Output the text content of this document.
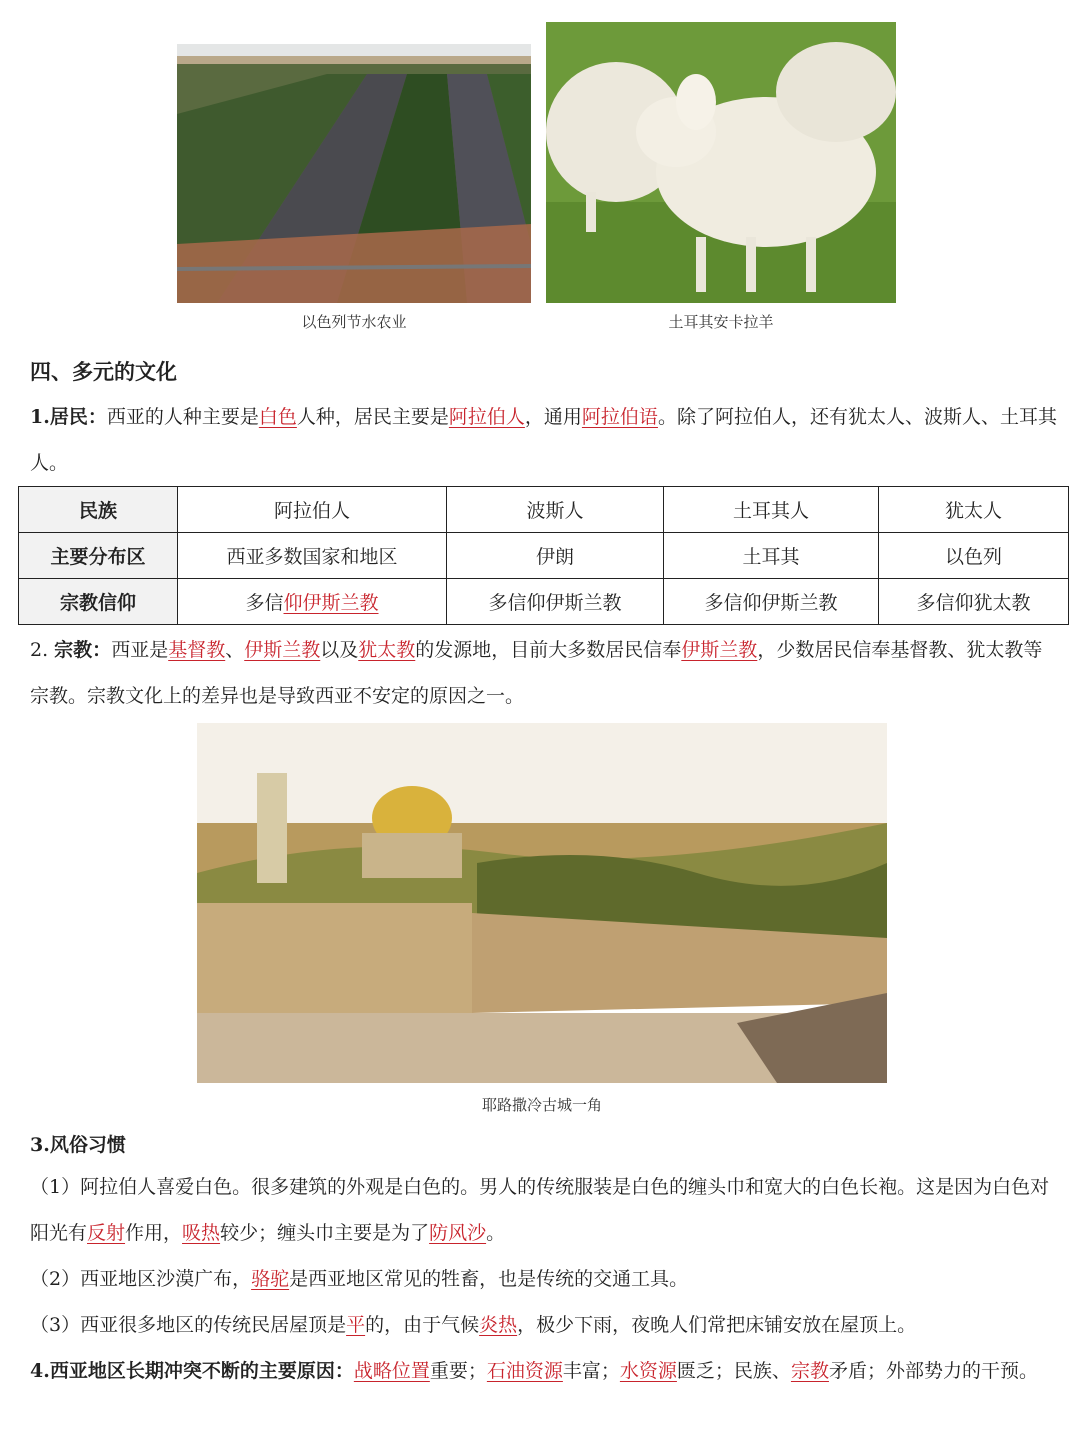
以色列节水农业	土耳其安卡拉羊
四、多元的文化
1.居民：西亚的人种主要是白色人种，居民主要是阿拉伯人，通用阿拉伯语。除了阿拉伯人，还有犹太人、波斯人、土耳其人。
民族	阿拉伯人	波斯人	土耳其人	犹太人
主要分布区	西亚多数国家和地区	伊朗	土耳其	以色列
宗教信仰	多信仰伊斯兰教	多信仰伊斯兰教	多信仰伊斯兰教	多信仰犹太教
2. 宗教：西亚是基督教、伊斯兰教以及犹太教的发源地，目前大多数居民信奉伊斯兰教，少数居民信奉基督教、犹太教等宗教。宗教文化上的差异也是导致西亚不安定的原因之一。
耶路撒冷古城一角
3.风俗习惯
（1）阿拉伯人喜爱白色。很多建筑的外观是白色的。男人的传统服装是白色的缠头巾和宽大的白色长袍。这是因为白色对阳光有反射作用，吸热较少；缠头巾主要是为了防风沙。
（2）西亚地区沙漠广布，骆驼是西亚地区常见的牲畜，也是传统的交通工具。
（3）西亚很多地区的传统民居屋顶是平的，由于气候炎热，极少下雨，夜晚人们常把床铺安放在屋顶上。
4.西亚地区长期冲突不断的主要原因：战略位置重要；石油资源丰富；水资源匮乏；民族、宗教矛盾；外部势力的干预。
